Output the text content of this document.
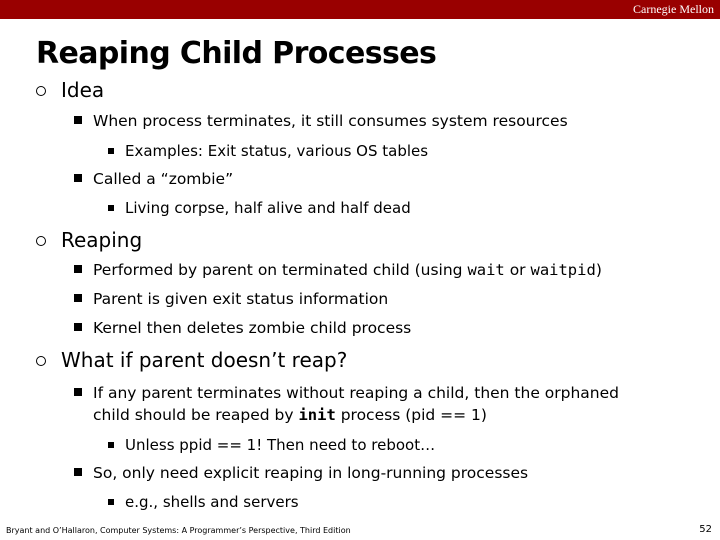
Carnegie Mellon
Reaping Child Processes
Idea
When process terminates, it still consumes system resources
Examples: Exit status, various OS tables
Called a “zombie”
Living corpse, half alive and half dead
Reaping
Performed by parent on terminated child (using wait or waitpid)
Parent is given exit status information
Kernel then deletes zombie child process
What if parent doesn’t reap?
If any parent terminates without reaping a child, then the orphaned
child should be reaped by init process (pid == 1)
Unless ppid == 1! Then need to reboot…
So, only need explicit reaping in long-running processes
e.g., shells and servers
Bryant and O’Hallaron, Computer Systems: A Programmer’s Perspective, Third Edition	52
